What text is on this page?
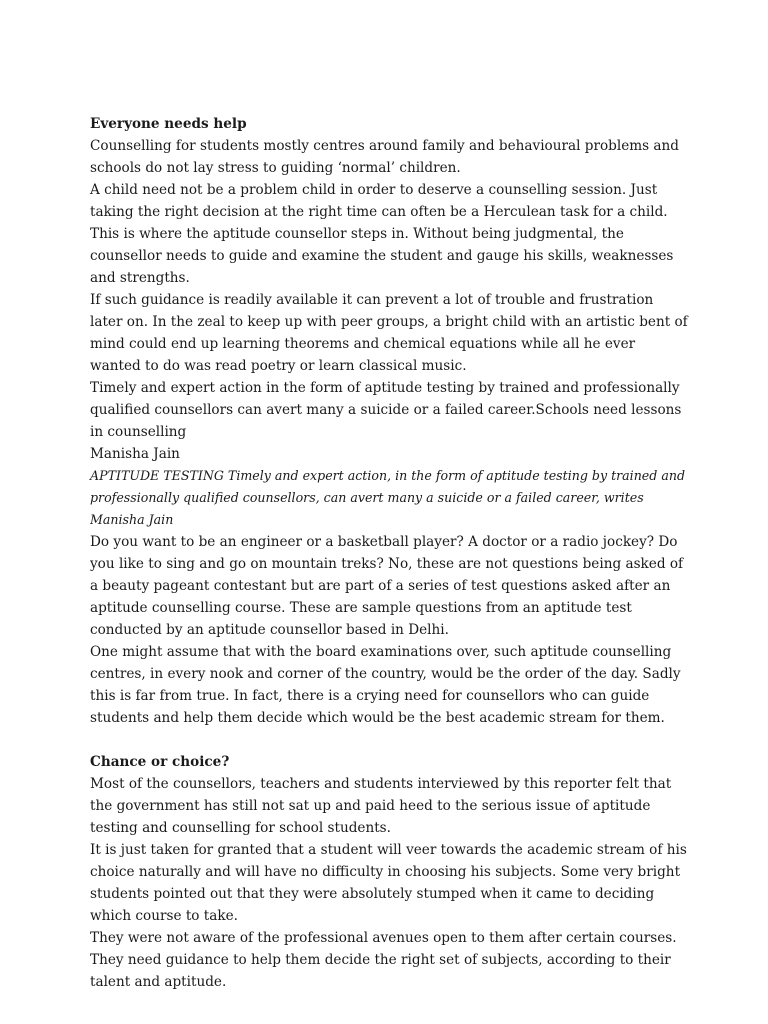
Everyone needs help

Counselling for students mostly centres around family and behavioural problems and schools do not lay stress to guiding ‘normal’ children.

A child need not be a problem child in order to deserve a counselling session. Just taking the right decision at the right time can often be a Herculean task for a child. This is where the aptitude counsellor steps in. Without being judgmental, the counsellor needs to guide and examine the student and gauge his skills, weaknesses and strengths.

If such guidance is readily available it can prevent a lot of trouble and frustration later on. In the zeal to keep up with peer groups, a bright child with an artistic bent of mind could end up learning theorems and chemical equations while all he ever wanted to do was read poetry or learn classical music.

Timely and expert action in the form of aptitude testing by trained and professionally qualified counsellors can avert many a suicide or a failed career.Schools need lessons in counselling

Manisha Jain

APTITUDE TESTING Timely and expert action, in the form of aptitude testing by trained and professionally qualified counsellors, can avert many a suicide or a failed career, writes Manisha Jain

Do you want to be an engineer or a basketball player? A doctor or a radio jockey? Do you like to sing and go on mountain treks? No, these are not questions being asked of a beauty pageant contestant but are part of a series of test questions asked after an aptitude counselling course. These are sample questions from an aptitude test conducted by an aptitude counsellor based in Delhi.

One might assume that with the board examinations over, such aptitude counselling centres, in every nook and corner of the country, would be the order of the day. Sadly this is far from true. In fact, there is a crying need for counsellors who can guide students and help them decide which would be the best academic stream for them.

Chance or choice?

Most of the counsellors, teachers and students interviewed by this reporter felt that the government has still not sat up and paid heed to the serious issue of aptitude testing and counselling for school students.

It is just taken for granted that a student will veer towards the academic stream of his choice naturally and will have no difficulty in choosing his subjects. Some very bright students pointed out that they were absolutely stumped when it came to deciding which course to take.

They were not aware of the professional avenues open to them after certain courses. They need guidance to help them decide the right set of subjects, according to their talent and aptitude.
